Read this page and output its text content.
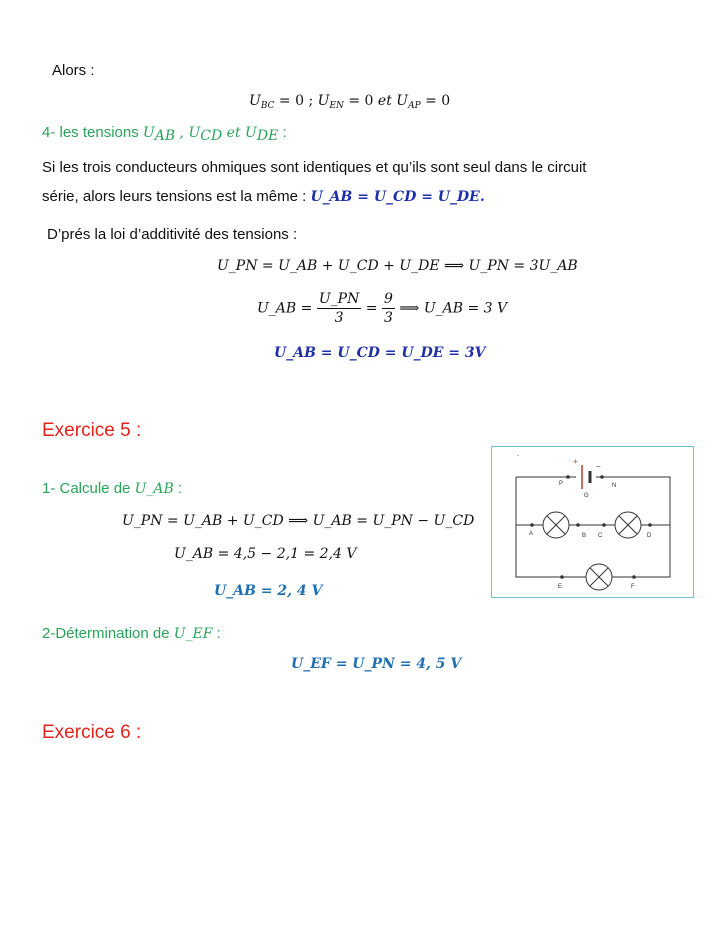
Alors :
$U_{BC} = 0$ ; $U_{EN} = 0$ et $U_{AP} = 0$
4- les tensions $U_{AB}$ , $U_{CD}$ et $U_{DE}$ :
Si les trois conducteurs ohmiques sont identiques et qu’ils sont seul dans le circuit
série, alors leurs tensions est la même : U_AB = U_CD = U_DE.
D’prés la loi d’additivité des tensions :
U_PN = U_AB + U_CD + U_DE ⟹ U_PN = 3U_AB
U_AB = $\frac{U\_PN}{3} = \frac{9}{3}$ ⟹ U_AB = 3 V
U_AB = U_CD = U_DE = 3V
Exercice 5 :
1- Calcule de U_AB :
U_PN = U_AB + U_CD ⟹ U_AB = U_PN − U_CD
U_AB = 4,5 − 2,1 = 2,4 V
U_AB = 2, 4 V
2-Détermination de U_EF :
U_EF = U_PN = 4, 5 V
Exercice 6 :
.
+
−
P	N
G
A	B C	D
E	F
